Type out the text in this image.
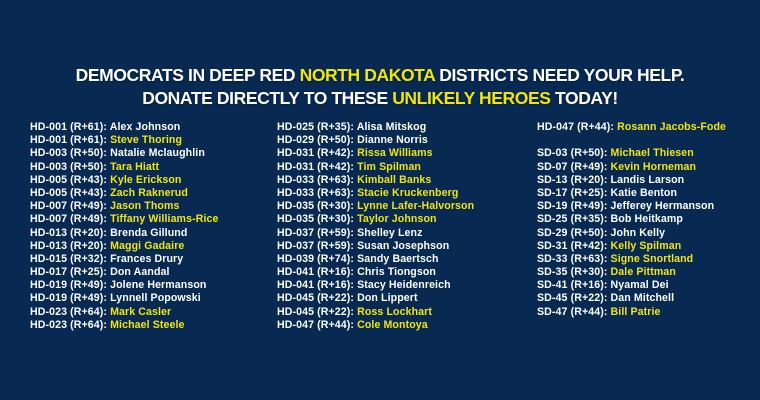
DEMOCRATS IN DEEP RED NORTH DAKOTA DISTRICTS NEED YOUR HELP.
DONATE DIRECTLY TO THESE UNLIKELY HEROES TODAY!
HD-001 (R+61): Alex Johnson
HD-001 (R+61): Steve Thoring
HD-003 (R+50): Natalie Mclaughlin
HD-003 (R+50): Tara Hiatt
HD-005 (R+43): Kyle Erickson
HD-005 (R+43): Zach Raknerud
HD-007 (R+49): Jason Thoms
HD-007 (R+49): Tiffany Williams-Rice
HD-013 (R+20): Brenda Gillund
HD-013 (R+20): Maggi Gadaire
HD-015 (R+32): Frances Drury
HD-017 (R+25): Don Aandal
HD-019 (R+49): Jolene Hermanson
HD-019 (R+49): Lynnell Popowski
HD-023 (R+64): Mark Casler
HD-023 (R+64): Michael Steele
HD-025 (R+35): Alisa Mitskog
HD-029 (R+50): Dianne Norris
HD-031 (R+42): Rissa Williams
HD-031 (R+42): Tim Spilman
HD-033 (R+63): Kimball Banks
HD-033 (R+63): Stacie Kruckenberg
HD-035 (R+30): Lynne Lafer-Halvorson
HD-035 (R+30): Taylor Johnson
HD-037 (R+59): Shelley Lenz
HD-037 (R+59): Susan Josephson
HD-039 (R+74): Sandy Baertsch
HD-041 (R+16): Chris Tiongson
HD-041 (R+16): Stacy Heidenreich
HD-045 (R+22): Don Lippert
HD-045 (R+22): Ross Lockhart
HD-047 (R+44): Cole Montoya
HD-047 (R+44): Rosann Jacobs-Fode
SD-03 (R+50): Michael Thiesen
SD-07 (R+49): Kevin Horneman
SD-13 (R+20): Landis Larson
SD-17 (R+25): Katie Benton
SD-19 (R+49): Jefferey Hermanson
SD-25 (R+35): Bob Heitkamp
SD-29 (R+50): John Kelly
SD-31 (R+42): Kelly Spilman
SD-33 (R+63): Signe Snortland
SD-35 (R+30): Dale Pittman
SD-41 (R+16): Nyamal Dei
SD-45 (R+22): Dan Mitchell
SD-47 (R+44): Bill Patrie
